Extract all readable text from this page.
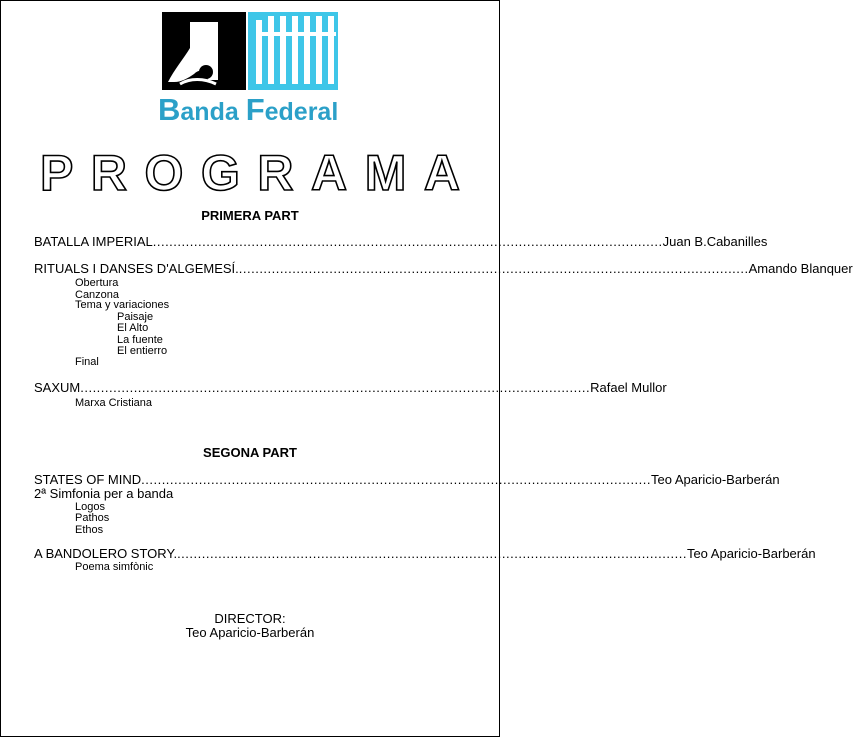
Banda Federal
PROGRAMA
PRIMERA PART
BATALLA IMPERIAL ............................................................................................................................ Juan B.Cabanilles
RITUALS I DANSES D'ALGEMESÍ. ............................................................................................................................ Amando Blanquer
Obertura
Canzona
Tema y variaciones
Paisaje
El Alto
La fuente
El entierro
Final
SAXUM ............................................................................................................................ Rafael Mullor
Marxa Cristiana
SEGONA PART
STATES OF MIND ............................................................................................................................ Teo Aparicio-Barberán
2ª Simfonia per a banda
Logos
Pathos
Ethos
A BANDOLERO STORY. ............................................................................................................................ Teo Aparicio-Barberán
Poema simfònic
DIRECTOR:
Teo Aparicio-Barberán
